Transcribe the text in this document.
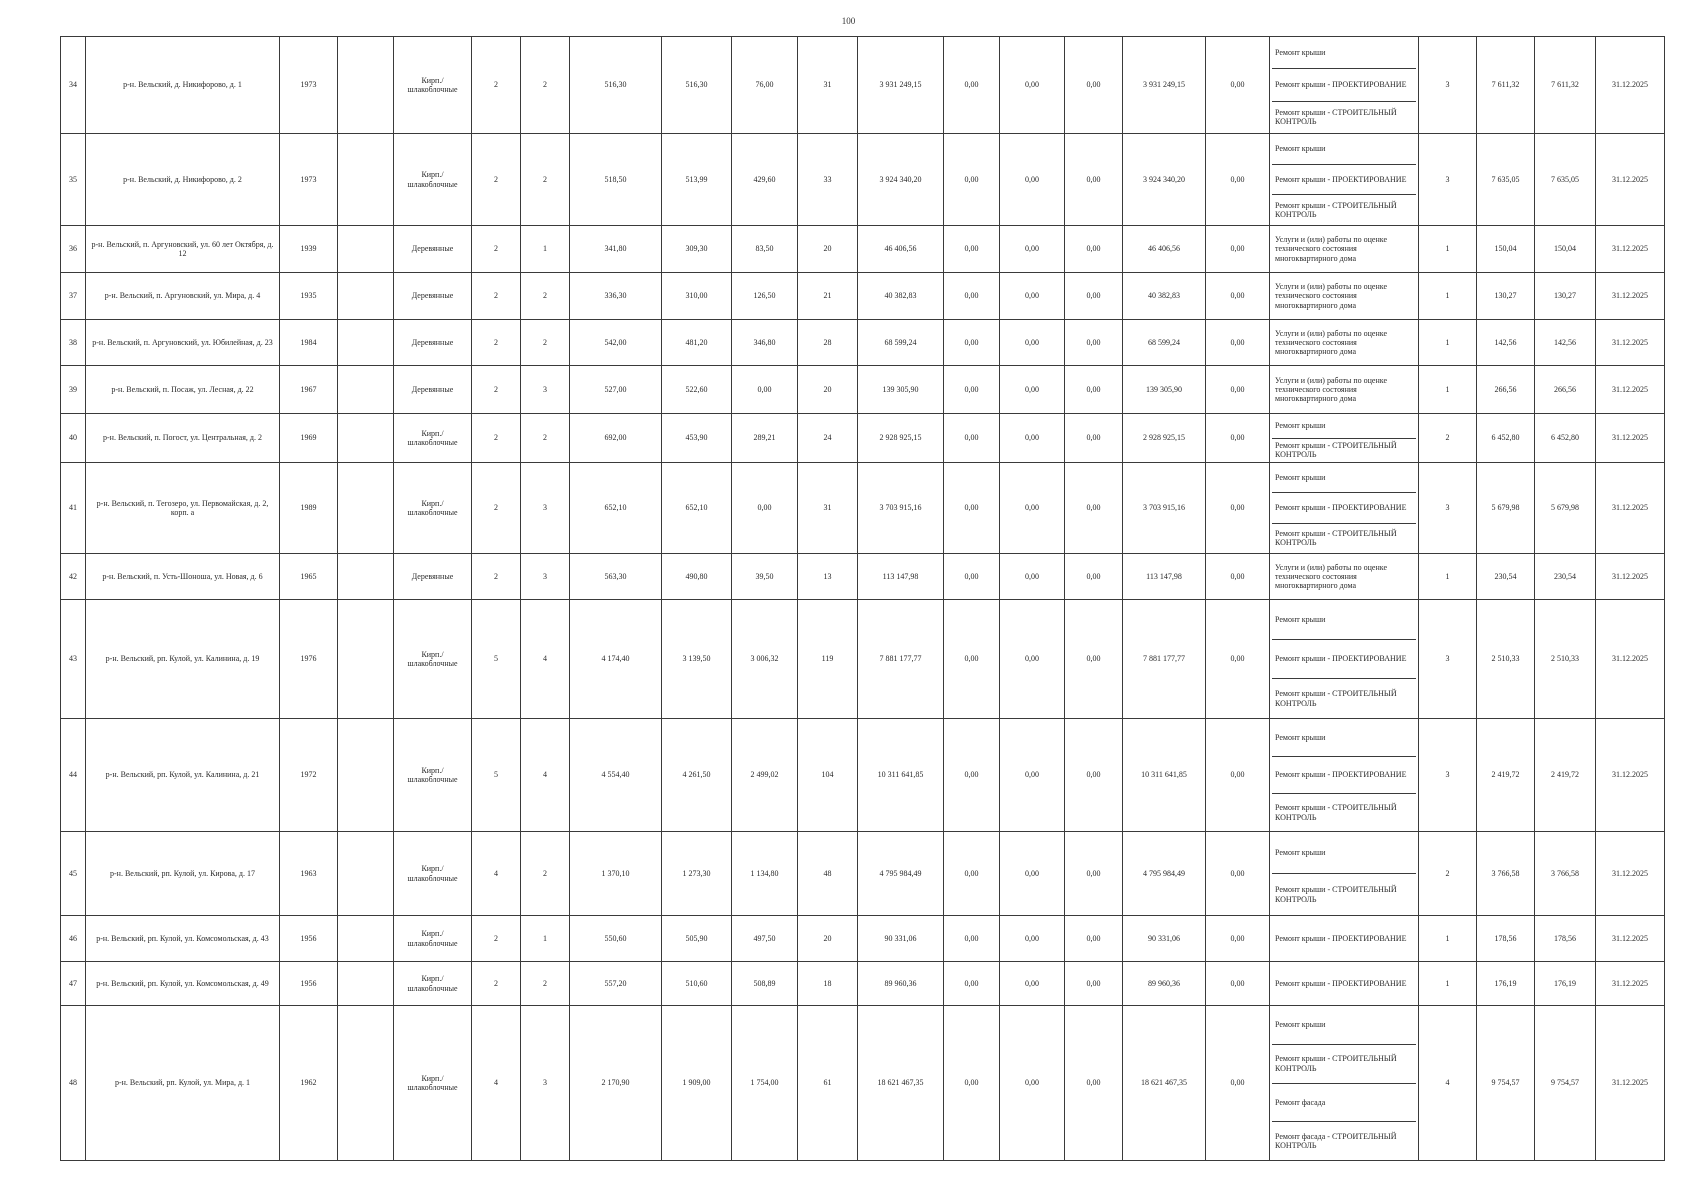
100
34	р-н. Вельский, д. Никифорово, д. 1	1973		Кирп./ шлакоблочные	2	2	516,30	516,30	76,00	31	3 931 249,15	0,00	0,00	0,00	3 931 249,15	0,00	Ремонт крыши
Ремонт крыши - ПРОЕКТИРОВАНИЕ
Ремонт крыши - СТРОИТЕЛЬНЫЙ КОНТРОЛЬ	3	7 611,32	7 611,32	31.12.2025
35	р-н. Вельский, д. Никифорово, д. 2	1973		Кирп./ шлакоблочные	2	2	518,50	513,99	429,60	33	3 924 340,20	0,00	0,00	0,00	3 924 340,20	0,00	Ремонт крыши
Ремонт крыши - ПРОЕКТИРОВАНИЕ
Ремонт крыши - СТРОИТЕЛЬНЫЙ КОНТРОЛЬ	3	7 635,05	7 635,05	31.12.2025
36	р-н. Вельский, п. Аргуновский, ул. 60 лет Октября, д. 12	1939		Деревянные	2	1	341,80	309,30	83,50	20	46 406,56	0,00	0,00	0,00	46 406,56	0,00	Услуги и (или) работы по оценке технического состояния многоквартирного дома	1	150,04	150,04	31.12.2025
37	р-н. Вельский, п. Аргуновский, ул. Мира, д. 4	1935		Деревянные	2	2	336,30	310,00	126,50	21	40 382,83	0,00	0,00	0,00	40 382,83	0,00	Услуги и (или) работы по оценке технического состояния многоквартирного дома	1	130,27	130,27	31.12.2025
38	р-н. Вельский, п. Аргуновский, ул. Юбилейная, д. 23	1984		Деревянные	2	2	542,00	481,20	346,80	28	68 599,24	0,00	0,00	0,00	68 599,24	0,00	Услуги и (или) работы по оценке технического состояния многоквартирного дома	1	142,56	142,56	31.12.2025
39	р-н. Вельский, п. Посаж, ул. Лесная, д. 22	1967		Деревянные	2	3	527,00	522,60	0,00	20	139 305,90	0,00	0,00	0,00	139 305,90	0,00	Услуги и (или) работы по оценке технического состояния многоквартирного дома	1	266,56	266,56	31.12.2025
40	р-н. Вельский, п. Погост, ул. Центральная, д. 2	1969		Кирп./ шлакоблочные	2	2	692,00	453,90	289,21	24	2 928 925,15	0,00	0,00	0,00	2 928 925,15	0,00	Ремонт крыши
Ремонт крыши - СТРОИТЕЛЬНЫЙ КОНТРОЛЬ	2	6 452,80	6 452,80	31.12.2025
41	р-н. Вельский, п. Тегозеро, ул. Первомайская, д. 2, корп. а	1989		Кирп./ шлакоблочные	2	3	652,10	652,10	0,00	31	3 703 915,16	0,00	0,00	0,00	3 703 915,16	0,00	Ремонт крыши
Ремонт крыши - ПРОЕКТИРОВАНИЕ
Ремонт крыши - СТРОИТЕЛЬНЫЙ КОНТРОЛЬ	3	5 679,98	5 679,98	31.12.2025
42	р-н. Вельский, п. Усть-Шоноша, ул. Новая, д. 6	1965		Деревянные	2	3	563,30	490,80	39,50	13	113 147,98	0,00	0,00	0,00	113 147,98	0,00	Услуги и (или) работы по оценке технического состояния многоквартирного дома	1	230,54	230,54	31.12.2025
43	р-н. Вельский, рп. Кулой, ул. Калинина, д. 19	1976		Кирп./ шлакоблочные	5	4	4 174,40	3 139,50	3 006,32	119	7 881 177,77	0,00	0,00	0,00	7 881 177,77	0,00	Ремонт крыши
Ремонт крыши - ПРОЕКТИРОВАНИЕ
Ремонт крыши - СТРОИТЕЛЬНЫЙ КОНТРОЛЬ	3	2 510,33	2 510,33	31.12.2025
44	р-н. Вельский, рп. Кулой, ул. Калинина, д. 21	1972		Кирп./ шлакоблочные	5	4	4 554,40	4 261,50	2 499,02	104	10 311 641,85	0,00	0,00	0,00	10 311 641,85	0,00	Ремонт крыши
Ремонт крыши - ПРОЕКТИРОВАНИЕ
Ремонт крыши - СТРОИТЕЛЬНЫЙ КОНТРОЛЬ	3	2 419,72	2 419,72	31.12.2025
45	р-н. Вельский, рп. Кулой, ул. Кирова, д. 17	1963		Кирп./ шлакоблочные	4	2	1 370,10	1 273,30	1 134,80	48	4 795 984,49	0,00	0,00	0,00	4 795 984,49	0,00	Ремонт крыши
Ремонт крыши - СТРОИТЕЛЬНЫЙ КОНТРОЛЬ	2	3 766,58	3 766,58	31.12.2025
46	р-н. Вельский, рп. Кулой, ул. Комсомольская, д. 43	1956		Кирп./ шлакоблочные	2	1	550,60	505,90	497,50	20	90 331,06	0,00	0,00	0,00	90 331,06	0,00	Ремонт крыши - ПРОЕКТИРОВАНИЕ	1	178,56	178,56	31.12.2025
47	р-н. Вельский, рп. Кулой, ул. Комсомольская, д. 49	1956		Кирп./ шлакоблочные	2	2	557,20	510,60	508,89	18	89 960,36	0,00	0,00	0,00	89 960,36	0,00	Ремонт крыши - ПРОЕКТИРОВАНИЕ	1	176,19	176,19	31.12.2025
48	р-н. Вельский, рп. Кулой, ул. Мира, д. 1	1962		Кирп./ шлакоблочные	4	3	2 170,90	1 909,00	1 754,00	61	18 621 467,35	0,00	0,00	0,00	18 621 467,35	0,00	Ремонт крыши
Ремонт крыши - СТРОИТЕЛЬНЫЙ КОНТРОЛЬ
Ремонт фасада
Ремонт фасада - СТРОИТЕЛЬНЫЙ КОНТРОЛЬ	4	9 754,57	9 754,57	31.12.2025
